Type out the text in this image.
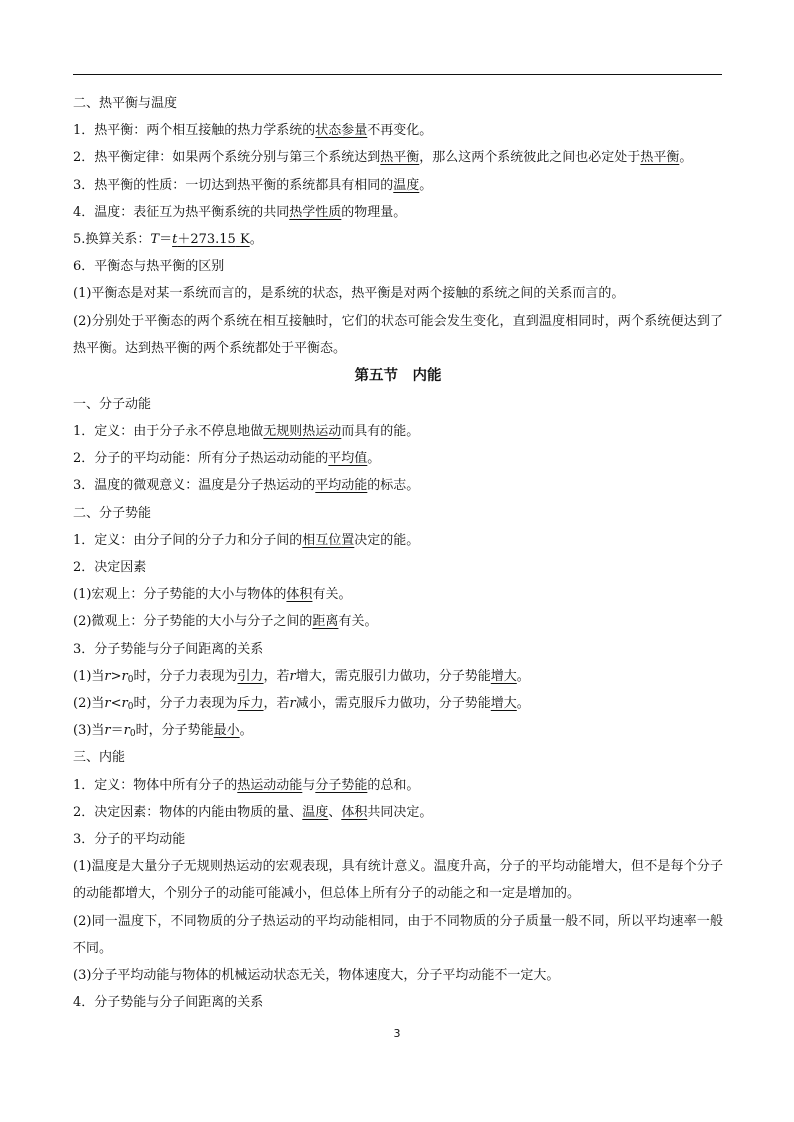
二、热平衡与温度
1．热平衡：两个相互接触的热力学系统的状态参量不再变化。
2．热平衡定律：如果两个系统分别与第三个系统达到热平衡，那么这两个系统彼此之间也必定处于热平衡。
3．热平衡的性质：一切达到热平衡的系统都具有相同的温度。
4．温度：表征互为热平衡系统的共同热学性质的物理量。
5.换算关系：T＝t＋273.15 K。
6．平衡态与热平衡的区别
(1)平衡态是对某一系统而言的，是系统的状态，热平衡是对两个接触的系统之间的关系而言的。
(2)分别处于平衡态的两个系统在相互接触时，它们的状态可能会发生变化，直到温度相同时，两个系统便达到了热平衡。达到热平衡的两个系统都处于平衡态。
第五节　内能
一、分子动能
1．定义：由于分子永不停息地做无规则热运动而具有的能。
2．分子的平均动能：所有分子热运动动能的平均值。
3．温度的微观意义：温度是分子热运动的平均动能的标志。
二、分子势能
1．定义：由分子间的分子力和分子间的相互位置决定的能。
2．决定因素
(1)宏观上：分子势能的大小与物体的体积有关。
(2)微观上：分子势能的大小与分子之间的距离有关。
3．分子势能与分子间距离的关系
(1)当$r>r_0$时，分子力表现为引力，若r增大，需克服引力做功，分子势能增大。
(2)当$r<r_0$时，分子力表现为斥力，若r减小，需克服斥力做功，分子势能增大。
(3)当$r=r_0$时，分子势能最小。
三、内能
1．定义：物体中所有分子的热运动动能与分子势能的总和。
2．决定因素：物体的内能由物质的量、温度、体积共同决定。
3．分子的平均动能
(1)温度是大量分子无规则热运动的宏观表现，具有统计意义。温度升高，分子的平均动能增大，但不是每个分子的动能都增大，个别分子的动能可能减小，但总体上所有分子的动能之和一定是增加的。
(2)同一温度下，不同物质的分子热运动的平均动能相同，由于不同物质的分子质量一般不同，所以平均速率一般不同。
(3)分子平均动能与物体的机械运动状态无关，物体速度大，分子平均动能不一定大。
4．分子势能与分子间距离的关系
3
